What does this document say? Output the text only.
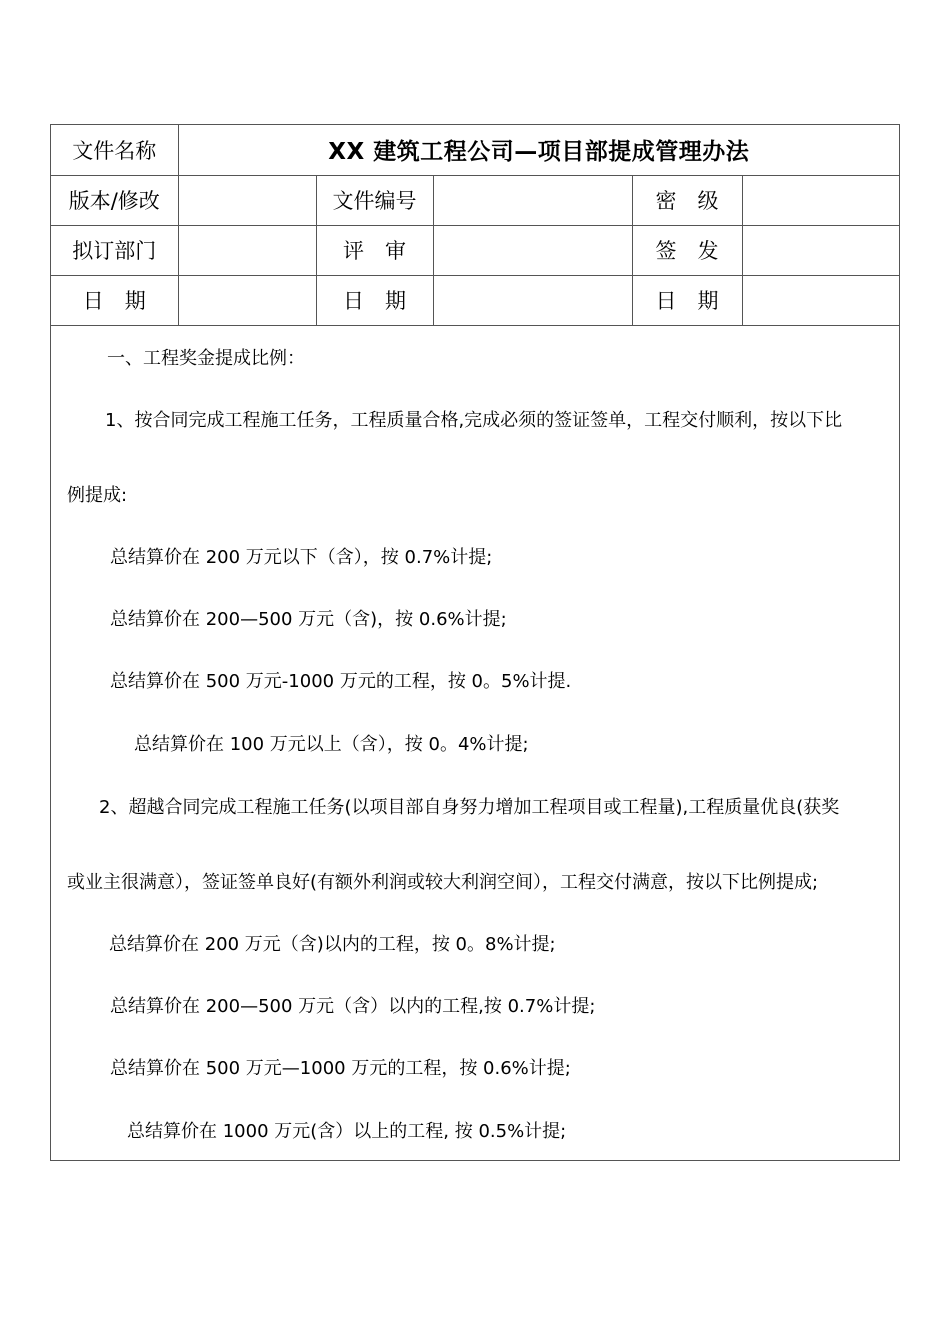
文件名称	XX 建筑工程公司—项目部提成管理办法				
版本/修改		文件编号		密　级	
拟订部门		评　审		签　发	
日　期		日　期		日　期	
一、工程奖金提成比例：
1、按合同完成工程施工任务，工程质量合格,完成必须的签证签单，工程交付顺利，按以下比
例提成:
总结算价在 200 万元以下（含），按 0.7%计提;
总结算价在 200—500 万元（含)，按 0.6%计提;
总结算价在 500 万元-1000 万元的工程，按 0。5%计提.
总结算价在 100 万元以上（含），按 0。4%计提;
2、超越合同完成工程施工任务(以项目部自身努力增加工程项目或工程量),工程质量优良(获奖
或业主很满意），签证签单良好(有额外利润或较大利润空间），工程交付满意，按以下比例提成;
总结算价在 200 万元（含)以内的工程，按 0。8%计提;
总结算价在 200—500 万元（含）以内的工程,按 0.7%计提;
总结算价在 500 万元—1000 万元的工程，按 0.6%计提;
总结算价在 1000 万元(含）以上的工程, 按 0.5%计提;
